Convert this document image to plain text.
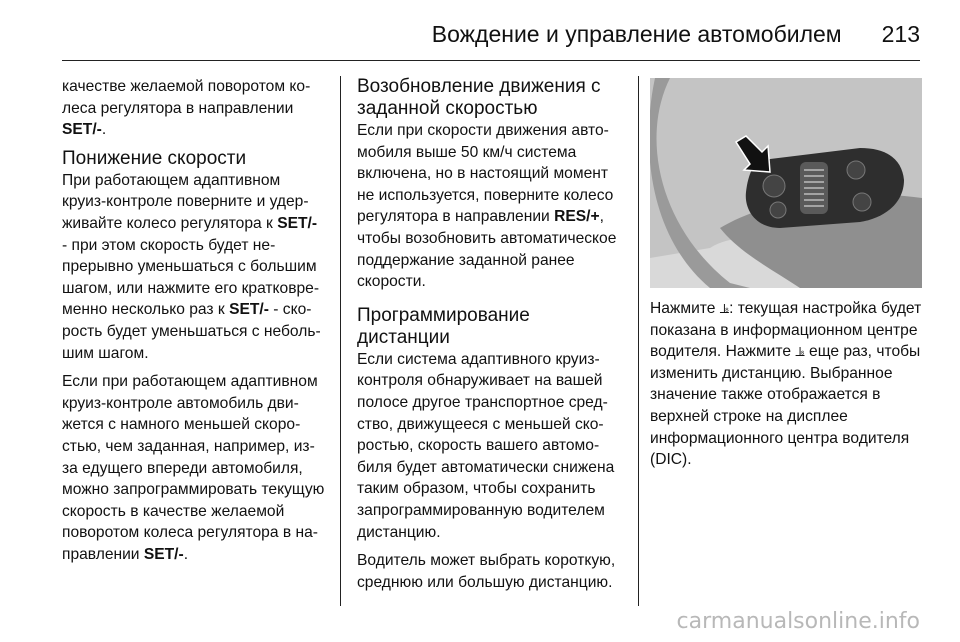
Вождение и управление автомобилем 213

качестве желаемой поворотом колеса регулятора в направлении SET/-.

Понижение скорости

При работающем адаптивном круиз-контроле поверните и удерживайте колесо регулятора к SET/- - при этом скорость будет непрерывно уменьшаться с большим шагом, или нажмите его кратковременно несколько раз к SET/- - скорость будет уменьшаться с небольшим шагом.

Если при работающем адаптивном круиз-контроле автомобиль движется с намного меньшей скоростью, чем заданная, например, из-за едущего впереди автомобиля, можно запрограммировать текущую скорость в качестве желаемой поворотом колеса регулятора в направлении SET/-.

Возобновление движения с заданной скоростью

Если при скорости движения автомобиля выше 50 км/ч система включена, но в настоящий момент не используется, поверните колесо регулятора в направлении RES/+, чтобы возобновить автоматическое поддержание заданной ранее скорости.

Программирование дистанции

Если система адаптивного круиз-контроля обнаруживает на вашей полосе другое транспортное средство, движущееся с меньшей скоростью, скорость вашего автомобиля будет автоматически снижена таким образом, чтобы сохранить запрограммированную водителем дистанцию.

Водитель может выбрать короткую, среднюю или большую дистанцию.

Нажмите ⫡: текущая настройка будет показана в информационном центре водителя. Нажмите ⫡ еще раз, чтобы изменить дистанцию. Выбранное значение также отображается в верхней строке на дисплее информационного центра водителя (DIC).

carmanualsonline.info
